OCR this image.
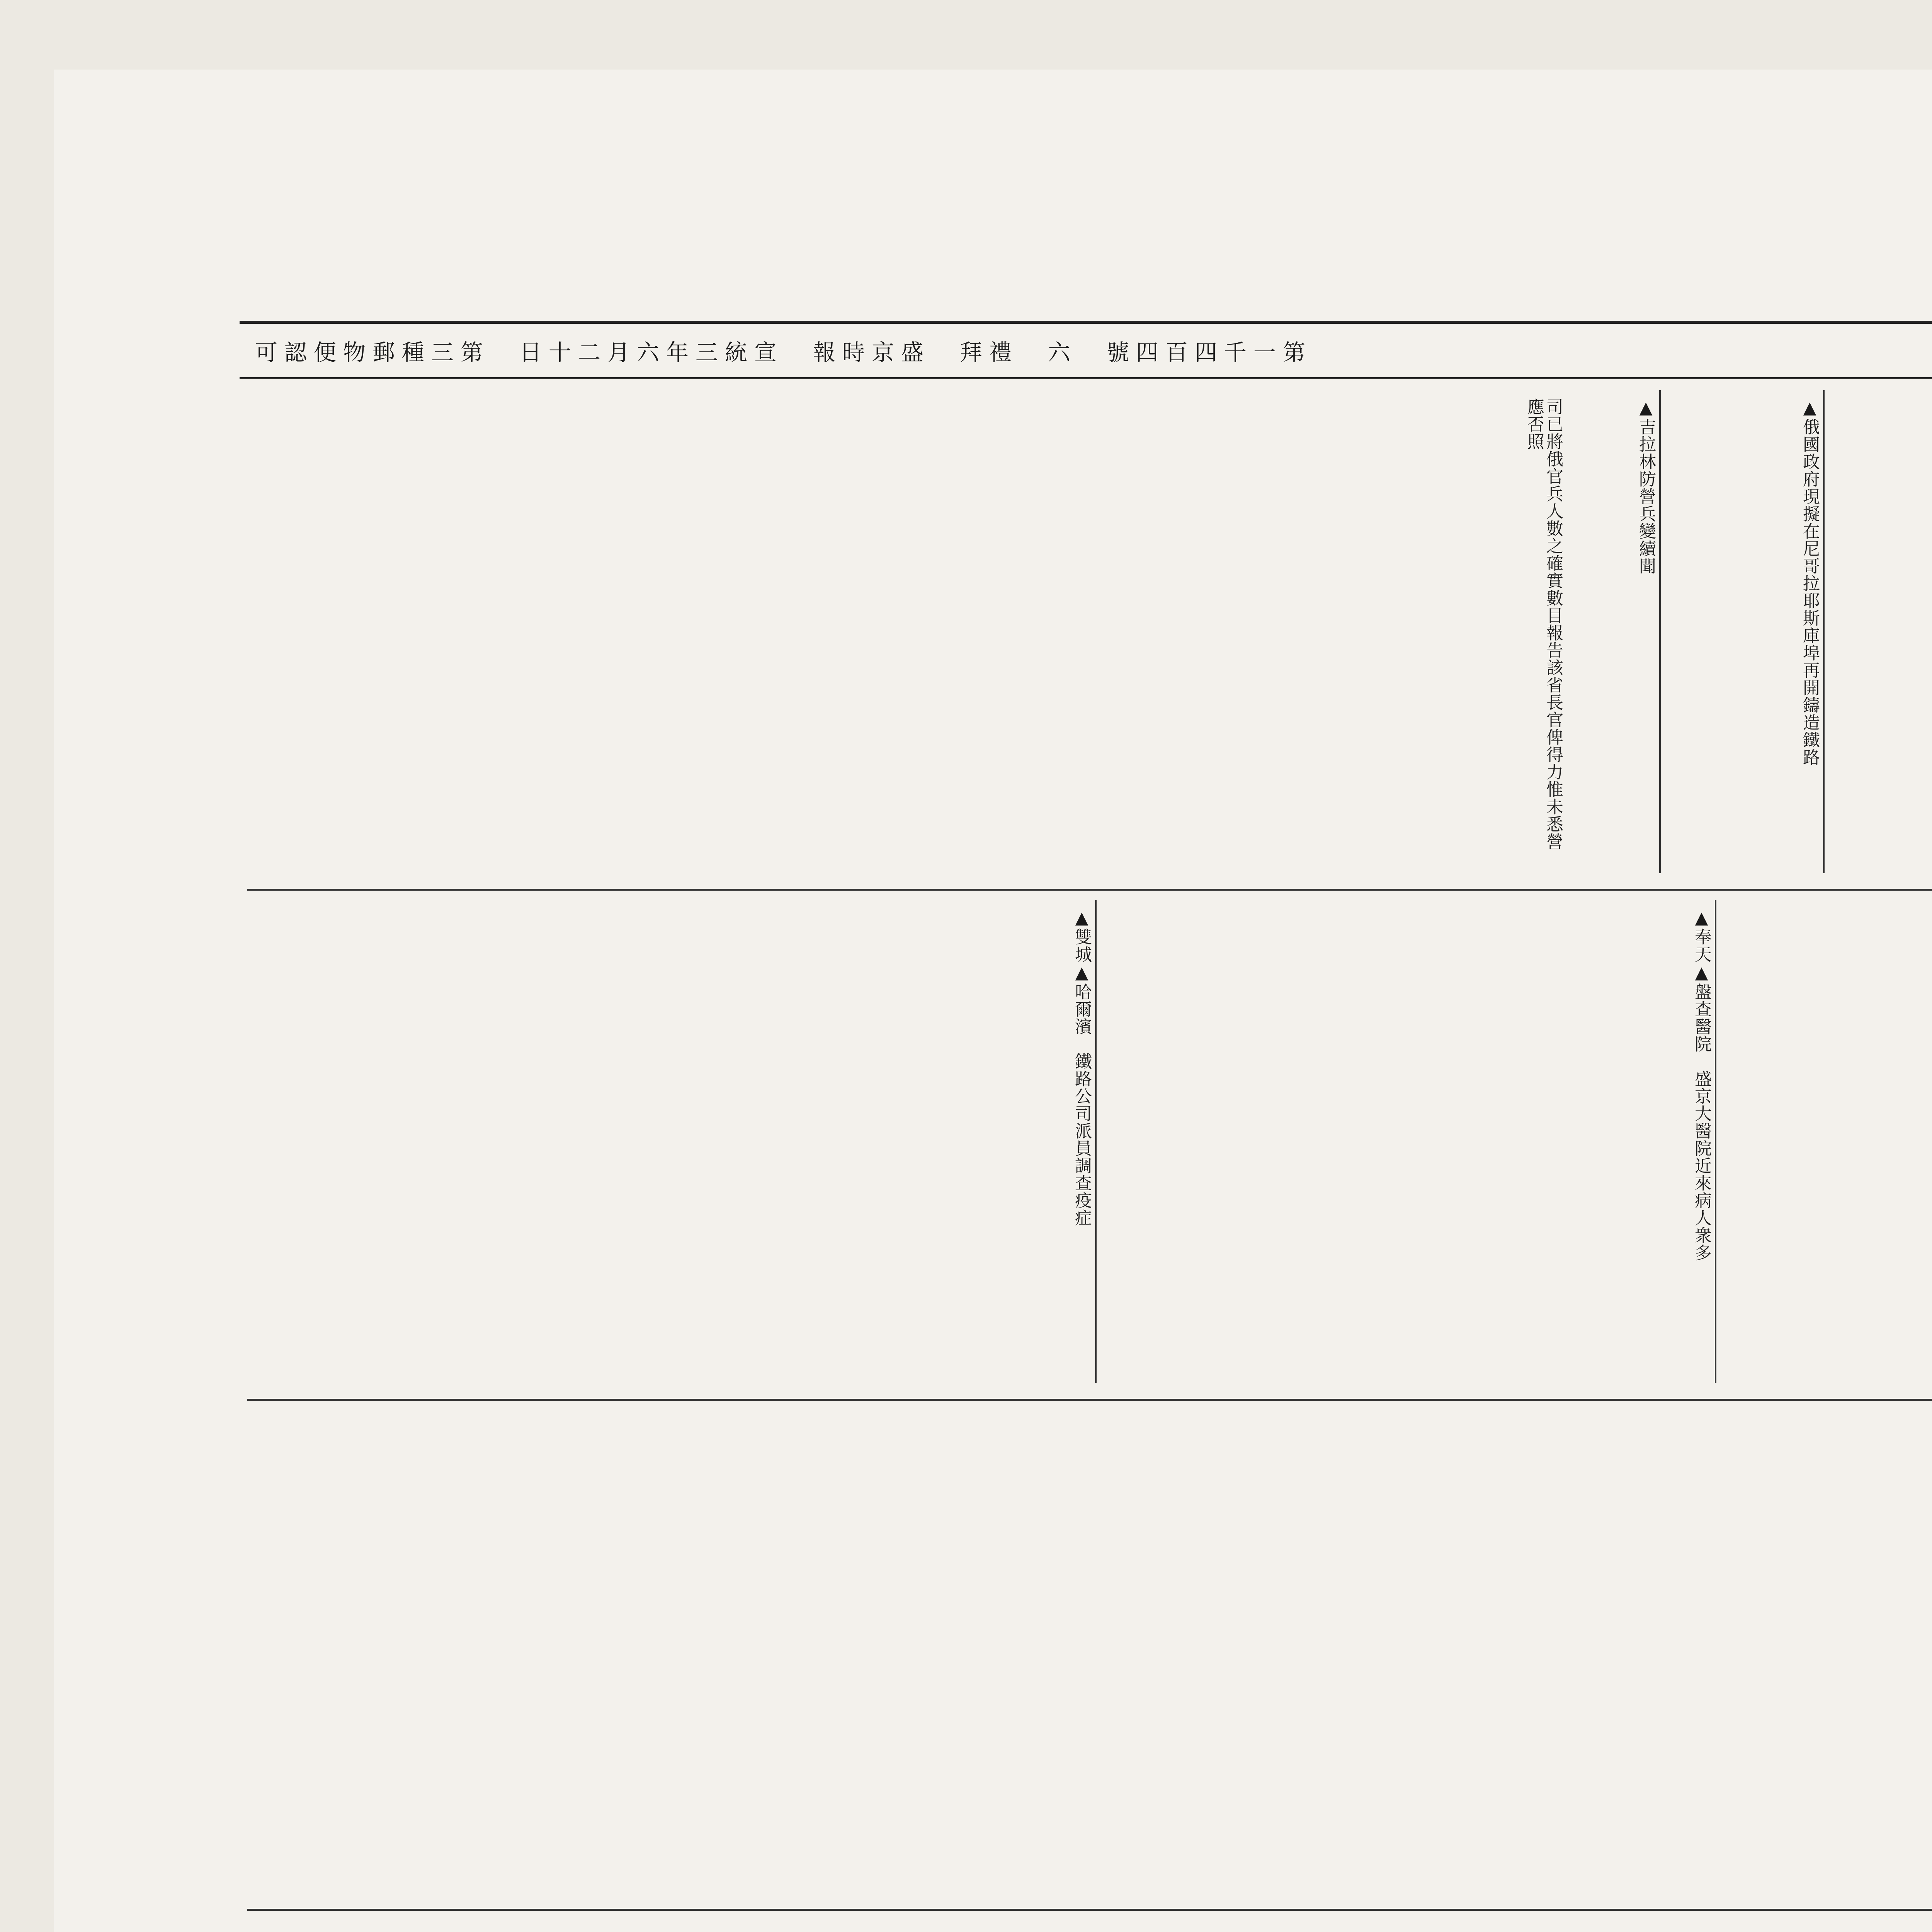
可認便物郵種三第　日十二月六年三統宣　報時京盛　拜禮　六　號四百四千一第
▲俄國政府現擬在尼哥拉耶斯庫埠再開鑄造鐵路
▲吉拉林防營兵變續聞
司已將俄官兵人數之確實數目報告該省長官俾得力惟未悉營應否照
▲奉天▲盤查醫院　盛京大醫院近來病人衆多
▲雙城▲哈爾濱　鐵路公司派員調查疫症
